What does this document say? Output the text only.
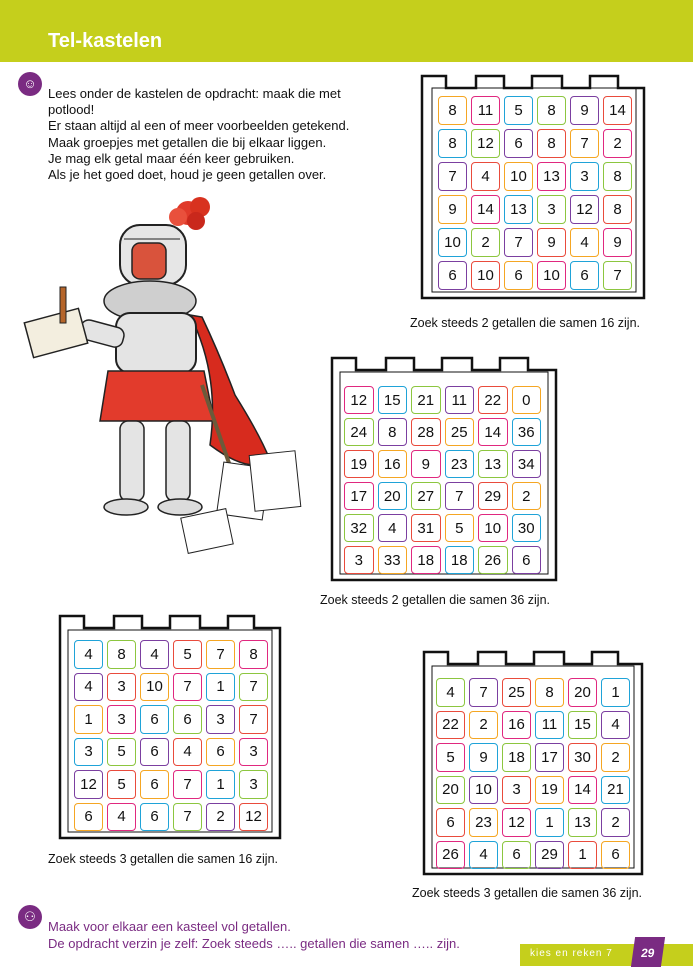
Tel-kastelen
☺
Lees onder de kastelen de opdracht: maak die met
potlood!
Er staan altijd al een of meer voorbeelden getekend.
Maak groepjes met getallen die bij elkaar liggen.
Je mag elk getal maar één keer gebruiken.
Als je het goed doet, houd je geen getallen over.
8	11	5	8	9	14
8	12	6	8	7	2
7	4	10	13	3	8
9	14	13	3	12	8
10	2	7	9	4	9
6	10	6	10	6	7
Zoek steeds 2 getallen die samen 16 zijn.
12	15	21	11	22	0
24	8	28	25	14	36
19	16	9	23	13	34
17	20	27	7	29	2
32	4	31	5	10	30
3	33	18	18	26	6
Zoek steeds 2 getallen die samen 36 zijn.
4	8	4	5	7	8
4	3	10	7	1	7
1	3	6	6	3	7
3	5	6	4	6	3
12	5	6	7	1	3
6	4	6	7	2	12
Zoek steeds 3 getallen die samen 16 zijn.
4	7	25	8	20	1
22	2	16	11	15	4
5	9	18	17	30	2
20	10	3	19	14	21
6	23	12	1	13	2
26	4	6	29	1	6
Zoek steeds 3 getallen die samen 36 zijn.
⚇
Maak voor elkaar een kasteel vol getallen.
De opdracht verzin je zelf: Zoek steeds ….. getallen die samen ….. zijn.
kies en reken 7	29
